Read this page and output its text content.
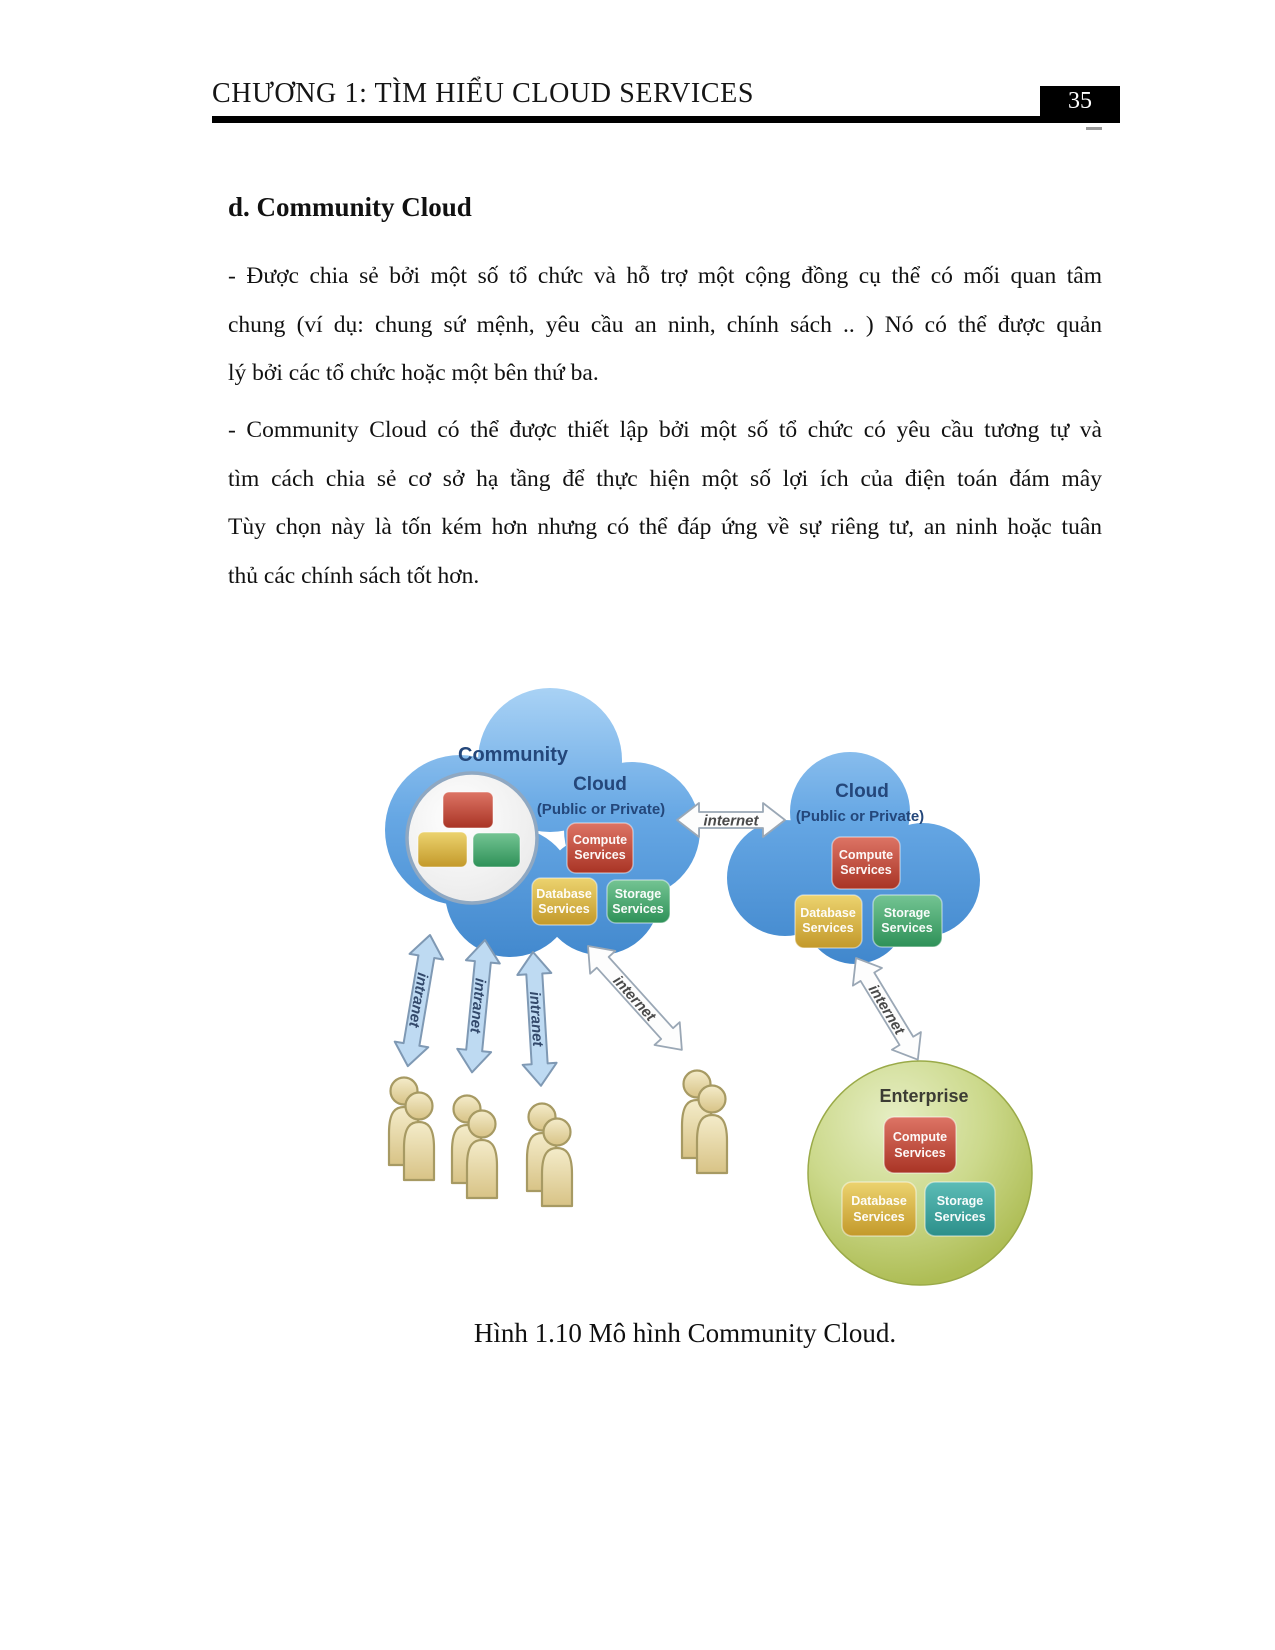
CHƯƠNG 1: TÌM HIỂU CLOUD SERVICES	35
d. Community Cloud
- Được chia sẻ bởi một số tổ chức và hỗ trợ một cộng đồng cụ thể có mối quan tâm
chung (ví dụ: chung sứ mệnh, yêu cầu an ninh, chính sách .. ) Nó có thể được quản
lý bởi các tổ chức hoặc một bên thứ ba.
- Community Cloud có thể được thiết lập bởi một số tổ chức có yêu cầu tương tự và
tìm cách chia sẻ cơ sở hạ tầng để thực hiện một số lợi ích của điện toán đám mây
Tùy chọn này là tốn kém hơn nhưng có thể đáp ứng về sự riêng tư, an ninh hoặc tuân
thủ các chính sách tốt hơn.
Community
Cloud
(Public or Private)
Compute Services
Database Services
Storage Services
Cloud
(Public or Private)
Compute Services
Database Services
Storage Services
internet
intranet intranet intranet	internet	internet
Enterprise
Compute Services
Database Services
Storage Services
Hình 1.10 Mô hình Community Cloud.
